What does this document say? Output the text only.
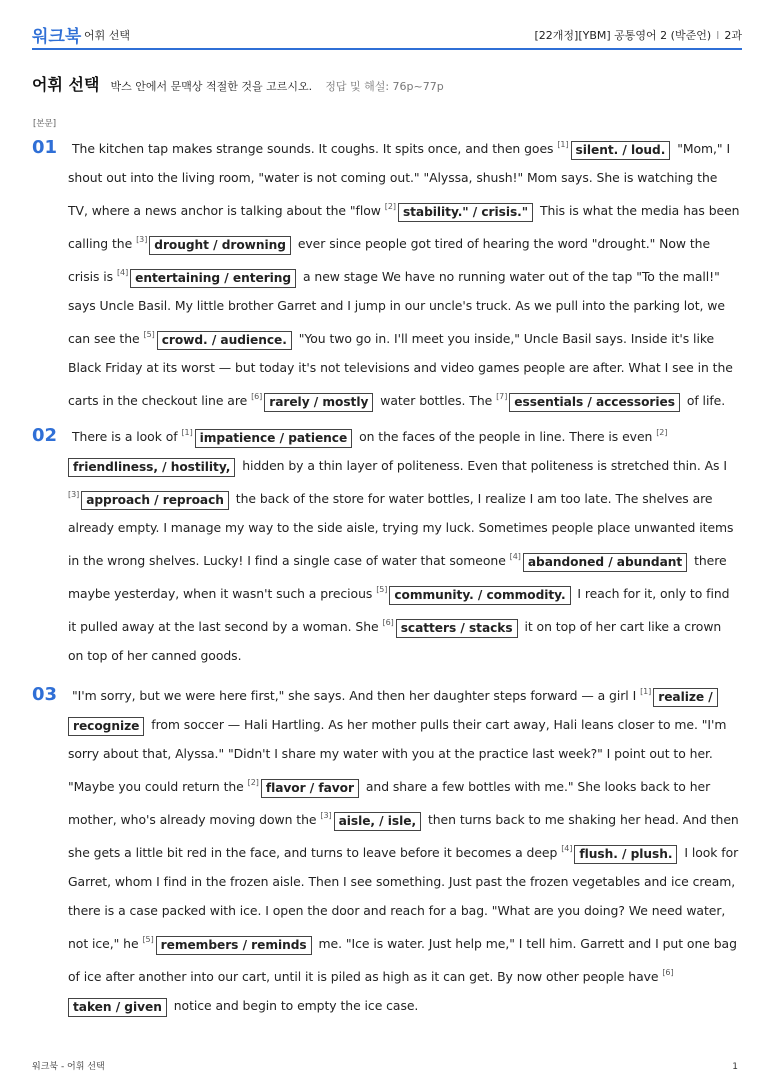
워크북 어휘 선택	[22개정][YBM] 공통영어 2 (박준언) I 2과
어휘 선택 박스 안에서 문맥상 적절한 것을 고르시오. 정답 및 해설: 76p~77p
[본문]
01	The kitchen tap makes strange sounds. It coughs. It spits once, and then goes [1] silent. / loud. "Mom," I shout out into the living room, "water is not coming out." "Alyssa, shush!" Mom says. She is watching the TV, where a news anchor is talking about the "flow [2] stability." / crisis." This is what the media has been calling the [3] drought / drowning ever since people got tired of hearing the word "drought." Now the crisis is [4] entertaining / entering a new stage We have no running water out of the tap "To the mall!" says Uncle Basil. My little brother Garret and I jump in our uncle's truck. As we pull into the parking lot, we can see the [5] crowd. / audience. "You two go in. I'll meet you inside," Uncle Basil says. Inside it's like Black Friday at its worst — but today it's not televisions and video games people are after. What I see in the carts in the checkout line are [6] rarely / mostly water bottles. The [7] essentials / accessories of life.
02	There is a look of [1] impatience / patience on the faces of the people in line. There is even [2]friendliness, / hostility, hidden by a thin layer of politeness. Even that politeness is stretched thin. As I [3] approach / reproach the back of the store for water bottles, I realize I am too late. The shelves are already empty. I manage my way to the side aisle, trying my luck. Sometimes people place unwanted items in the wrong shelves. Lucky! I find a single case of water that someone [4] abandoned / abundant there maybe yesterday, when it wasn't such a precious [5] community. / commodity. I reach for it, only to find it pulled away at the last second by a woman. She [6] scatters / stacks it on top of her cart like a crown on top of her canned goods.
03	"I'm sorry, but we were here first," she says. And then her daughter steps forward — a girl I [1] realize / recognize from soccer — Hali Hartling. As her mother pulls their cart away, Hali leans closer to me. "I'm sorry about that, Alyssa." "Didn't I share my water with you at the practice last week?" I point out to her. "Maybe you could return the [2] flavor / favor and share a few bottles with me." She looks back to her mother, who's already moving down the [3] aisle, / isle, then turns back to me shaking her head. And then she gets a little bit red in the face, and turns to leave before it becomes a deep [4] flush. / plush. I look for Garret, whom I find in the frozen aisle. Then I see something. Just past the frozen vegetables and ice cream, there is a case packed with ice. I open the door and reach for a bag. "What are you doing? We need water, not ice," he [5] remembers / reminds me. "Ice is water. Just help me," I tell him. Garrett and I put one bag of ice after another into our cart, until it is piled as high as it can get. By now other people have [6]taken / given notice and begin to empty the ice case.
워크북 - 어휘 선택	1
